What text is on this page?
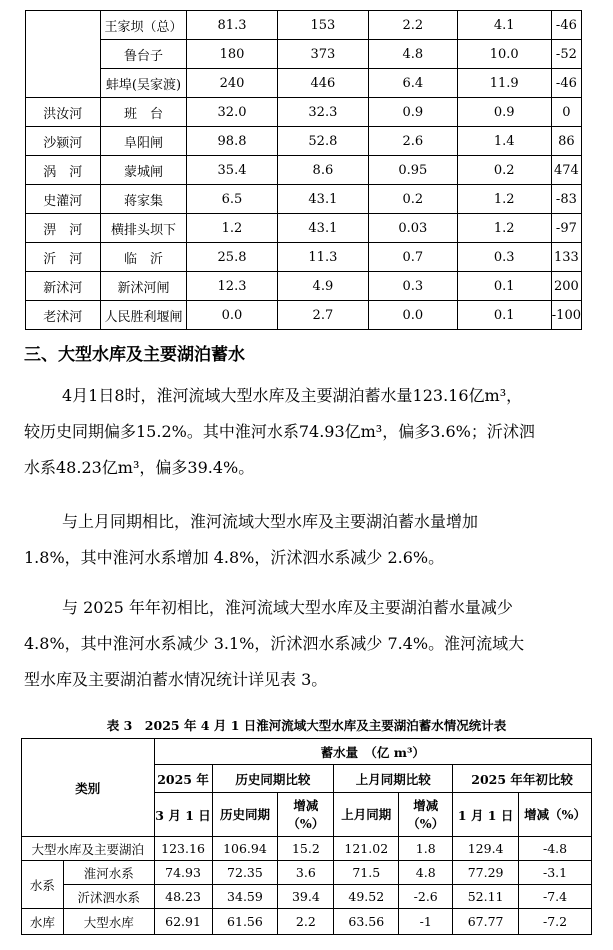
	王家坝（总）	81.3	153	2.2	4.1	-46
	鲁台子	180	373	4.8	10.0	-52
	蚌埠(吴家渡)	240	446	6.4	11.9	-46
洪汝河	班　台	32.0	32.3	0.9	0.9	0
沙颍河	阜阳闸	98.8	52.8	2.6	1.4	86
涡　河	蒙城闸	35.4	8.6	0.95	0.2	474
史灌河	蒋家集	6.5	43.1	0.2	1.2	-83
淠　河	横排头坝下	1.2	43.1	0.03	1.2	-97
沂　河	临　沂	25.8	11.3	0.7	0.3	133
新沭河	新沭河闸	12.3	4.9	0.3	0.1	200
老沭河	人民胜利堰闸	0.0	2.7	0.0	0.1	-100
三、大型水库及主要湖泊蓄水
4月1日8时，淮河流域大型水库及主要湖泊蓄水量123.16亿m³，
较历史同期偏多15.2%。其中淮河水系74.93亿m³，偏多3.6%；沂沭泗
水系48.23亿m³，偏多39.4%。
与上月同期相比，淮河流域大型水库及主要湖泊蓄水量增加
1.8%，其中淮河水系增加 4.8%，沂沭泗水系减少 2.6%。
与 2025 年年初相比，淮河流域大型水库及主要湖泊蓄水量减少
4.8%，其中淮河水系减少 3.1%，沂沭泗水系减少 7.4%。淮河流域大
型水库及主要湖泊蓄水情况统计详见表 3。
表 3　2025 年 4 月 1 日淮河流域大型水库及主要湖泊蓄水情况统计表
类别		蓄水量　（亿 m³）						
		2025 年	历史同期比较		上月同期比较		2025 年年初比较	
		3 月 1 日	历史同期	增减（%）	上月同期	增减（%）	1 月 1 日	增减（%）
大型水库及主要湖泊		123.16	106.94	15.2	121.02	1.8	129.4	-4.8
水系	淮河水系	74.93	72.35	3.6	71.5	4.8	77.29	-3.1
	沂沭泗水系	48.23	34.59	39.4	49.52	-2.6	52.11	-7.4
水库	大型水库	62.91	61.56	2.2	63.56	-1	67.77	-7.2
